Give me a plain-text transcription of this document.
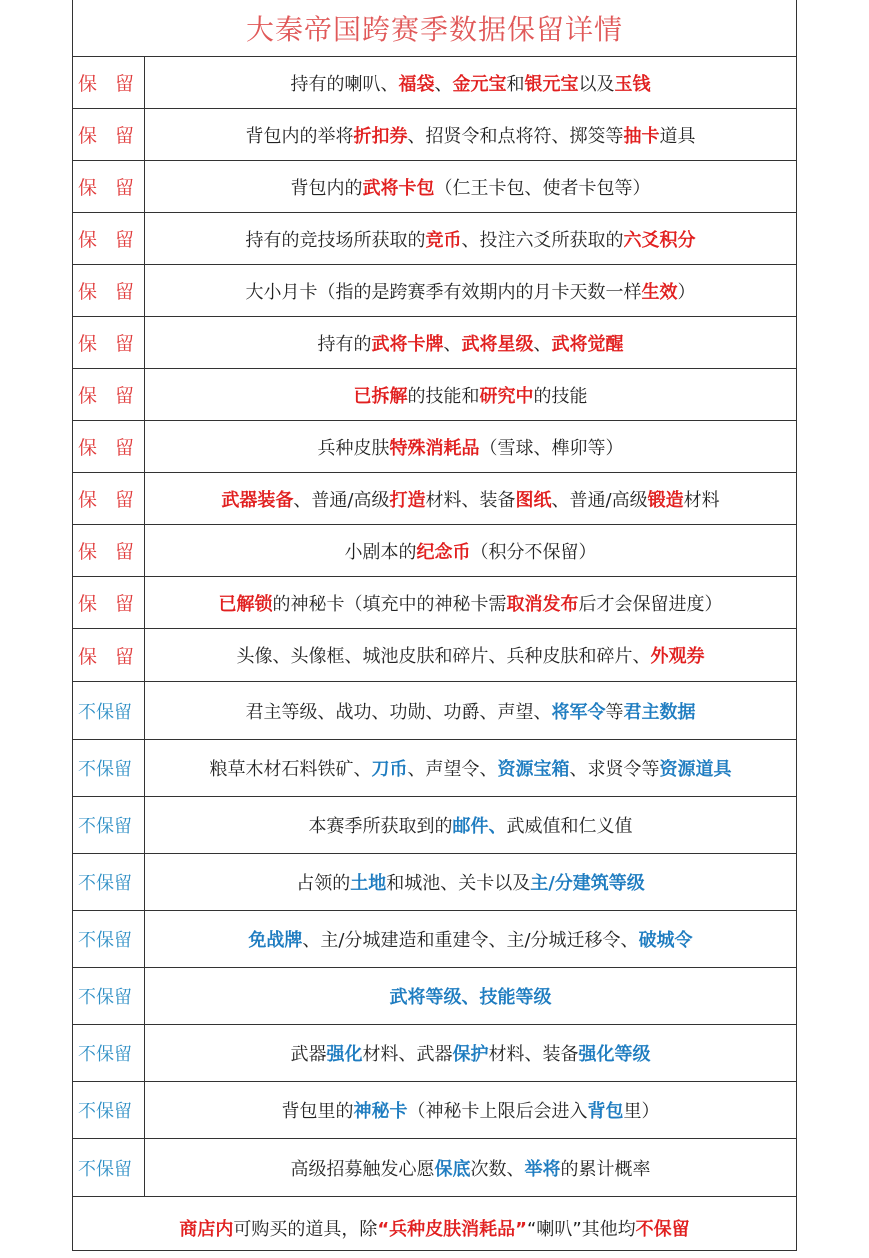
大秦帝国跨赛季数据保留详情
保 留	持有的喇叭、 福袋 、 金元宝 和 银元宝 以及 玉钱
保 留	背包内的举将 折扣券 、招贤令和点将符、掷筊等 抽卡 道具
保 留	背包内的 武将卡包 （仁王卡包、使者卡包等）
保 留	持有的竞技场所获取的 竞币 、投注六爻所获取的 六爻积分
保 留	大小月卡（指的是跨赛季有效期内的月卡天数一样 生效 ）
保 留	持有的 武将卡牌 、 武将星级 、 武将觉醒
保 留	已拆解 的技能和 研究中 的技能
保 留	兵种皮肤 特殊消耗品 （雪球、榫卯等）
保 留	武器装备 、普通/高级 打造 材料、装备 图纸 、普通/高级 锻造 材料
保 留	小剧本的 纪念币 （积分不保留）
保 留	已解锁 的神秘卡（填充中的神秘卡需 取消发布 后才会保留进度）
保 留	头像、头像框、城池皮肤和碎片、兵种皮肤和碎片、 外观券
不保留	君主等级、战功、功勋、功爵、声望、 将军令 等 君主数据
不保留	粮草木材石料铁矿、 刀币 、声望令、 资源宝箱 、求贤令等 资源道具
不保留	本赛季所获取到的 邮件、 武威值和仁义值
不保留	占领的 土地 和城池、关卡以及 主/分建筑等级
不保留	免战牌 、主/分城建造和重建令、主/分城迁移令、 破城令
不保留	武将等级、技能等级
不保留	武器 强化 材料、武器 保护 材料、装备 强化等级
不保留	背包里的 神秘卡 （神秘卡上限后会进入 背包 里）
不保留	高级招募触发心愿 保底 次数、 举将 的累计概率
商店内 可购买的道具，除 “兵种皮肤消耗品” “喇叭” 其他均 不保留
